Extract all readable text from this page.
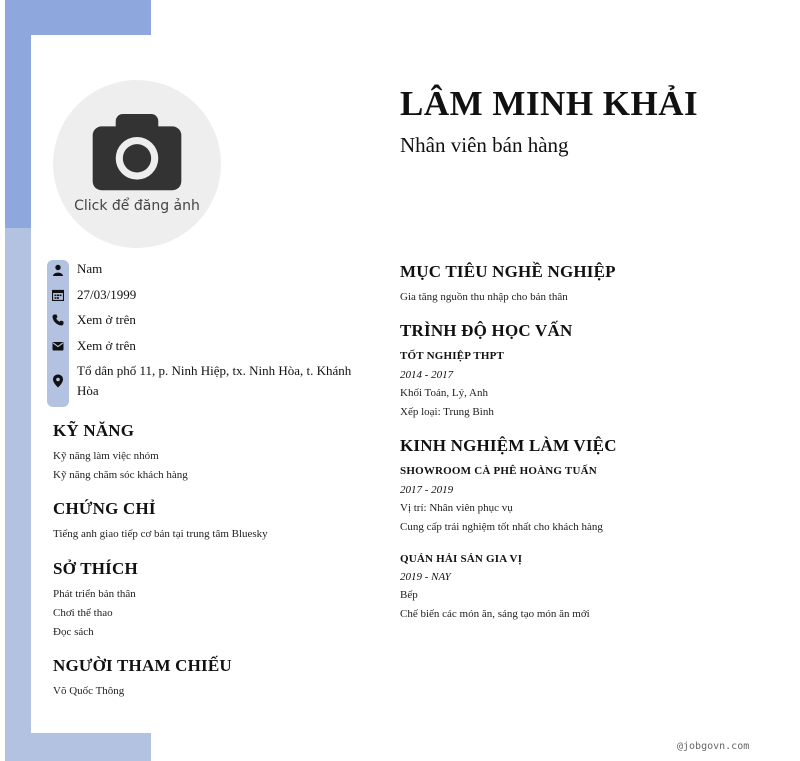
Click để đăng ảnh
LÂM MINH KHẢI
Nhân viên bán hàng
Nam
27/03/1999
Xem ở trên
Xem ở trên
Tổ dân phố 11, p. Ninh Hiệp, tx. Ninh Hòa, t. Khánh Hòa
KỸ NĂNG
Kỹ năng làm việc nhóm
Kỹ năng chăm sóc khách hàng
CHỨNG CHỈ
Tiếng anh giao tiếp cơ bản tại trung tâm Bluesky
SỞ THÍCH
Phát triển bản thân
Chơi thể thao
Đọc sách
NGƯỜI THAM CHIẾU
Võ Quốc Thông
MỤC TIÊU NGHỀ NGHIỆP
Gia tăng nguồn thu nhập cho bản thân
TRÌNH ĐỘ HỌC VẤN
TỐT NGHIỆP THPT
2014 - 2017
Khối Toán, Lý, Anh
Xếp loại: Trung Bình
KINH NGHIỆM LÀM VIỆC
SHOWROOM CÀ PHÊ HOÀNG TUẤN
2017 - 2019
Vị trí: Nhân viên phục vụ
Cung cấp trải nghiệm tốt nhất cho khách hàng
QUÁN HẢI SẢN GIA VỊ
2019 - NAY
Bếp
Chế biến các món ăn, sáng tạo món ăn mới
@jobgovn.com
